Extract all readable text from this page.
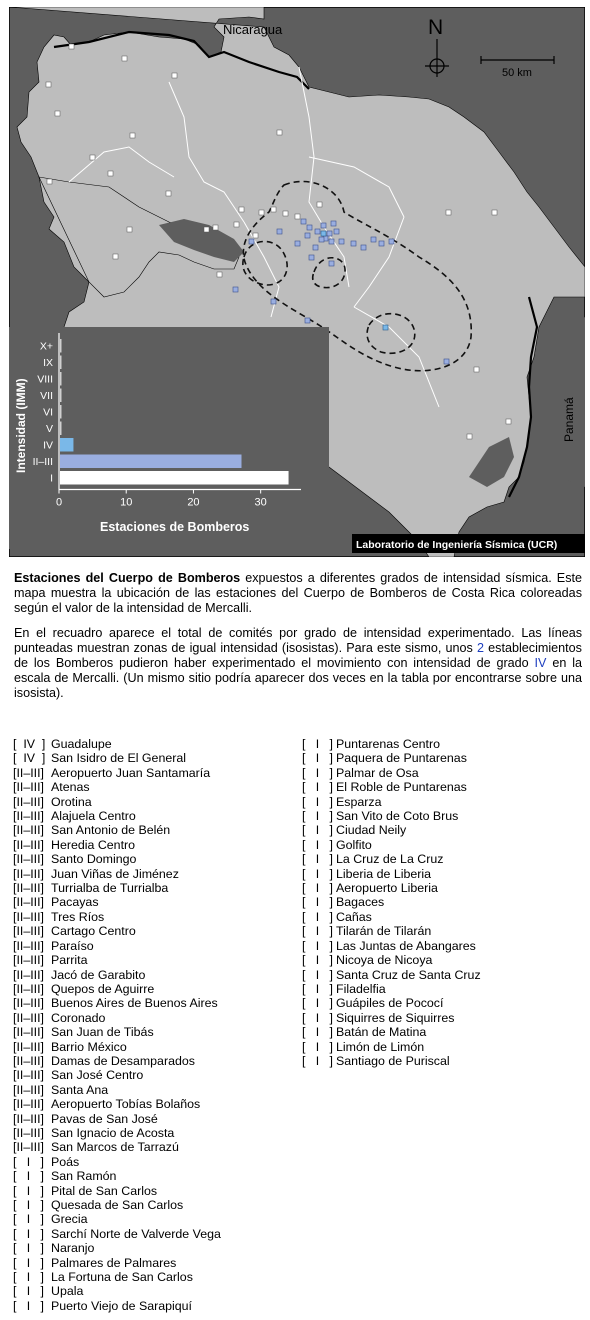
Nicaragua
Panamá
N
50 km
Laboratorio de Ingeniería Sísmica (UCR)
Intensidad (IMM)
Estaciones de Bomberos
X+
IX
VIII
VII
VI
V
IV
II–III
I
0	10	20	30

Estaciones del Cuerpo de Bomberos expuestos a diferentes grados de intensidad sísmica. Este mapa muestra la ubicación de las estaciones del Cuerpo de Bomberos de Costa Rica coloreadas según el valor de la intensidad de Mercalli.

En el recuadro aparece el total de comités por grado de intensidad experimentado. Las líneas punteadas muestran zonas de igual intensidad (isosistas). Para este sismo, unos 2 establecimientos de los Bomberos pudieron haber experimentado el movimiento con intensidad de grado IV en la escala de Mercalli. (Un mismo sitio podría aparecer dos veces en la tabla por encontrarse sobre una isosista).

[  IV  ] Guadalupe
[  IV  ] San Isidro de El General
[II–III] Aeropuerto Juan Santamaría
[II–III] Atenas
[II–III] Orotina
[II–III] Alajuela Centro
[II–III] San Antonio de Belén
[II–III] Heredia Centro
[II–III] Santo Domingo
[II–III] Juan Viñas de Jiménez
[II–III] Turrialba de Turrialba
[II–III] Pacayas
[II–III] Tres Ríos
[II–III] Cartago Centro
[II–III] Paraíso
[II–III] Parrita
[II–III] Jacó de Garabito
[II–III] Quepos de Aguirre
[II–III] Buenos Aires de Buenos Aires
[II–III] Coronado
[II–III] San Juan de Tibás
[II–III] Barrio México
[II–III] Damas de Desamparados
[II–III] San José Centro
[II–III] Santa Ana
[II–III] Aeropuerto Tobías Bolaños
[II–III] Pavas de San José
[II–III] San Ignacio de Acosta
[II–III] San Marcos de Tarrazú
[   I   ] Poás
[   I   ] San Ramón
[   I   ] Pital de San Carlos
[   I   ] Quesada de San Carlos
[   I   ] Grecia
[   I   ] Sarchí Norte de Valverde Vega
[   I   ] Naranjo
[   I   ] Palmares de Palmares
[   I   ] La Fortuna de San Carlos
[   I   ] Upala
[   I   ] Puerto Viejo de Sarapiquí
[   I   ] Puntarenas Centro
[   I   ] Paquera de Puntarenas
[   I   ] Palmar de Osa
[   I   ] El Roble de Puntarenas
[   I   ] Esparza
[   I   ] San Vito de Coto Brus
[   I   ] Ciudad Neily
[   I   ] Golfito
[   I   ] La Cruz de La Cruz
[   I   ] Liberia de Liberia
[   I   ] Aeropuerto Liberia
[   I   ] Bagaces
[   I   ] Cañas
[   I   ] Tilarán de Tilarán
[   I   ] Las Juntas de Abangares
[   I   ] Nicoya de Nicoya
[   I   ] Santa Cruz de Santa Cruz
[   I   ] Filadelfia
[   I   ] Guápiles de Pococí
[   I   ] Siquirres de Siquirres
[   I   ] Batán de Matina
[   I   ] Limón de Limón
[   I   ] Santiago de Puriscal
